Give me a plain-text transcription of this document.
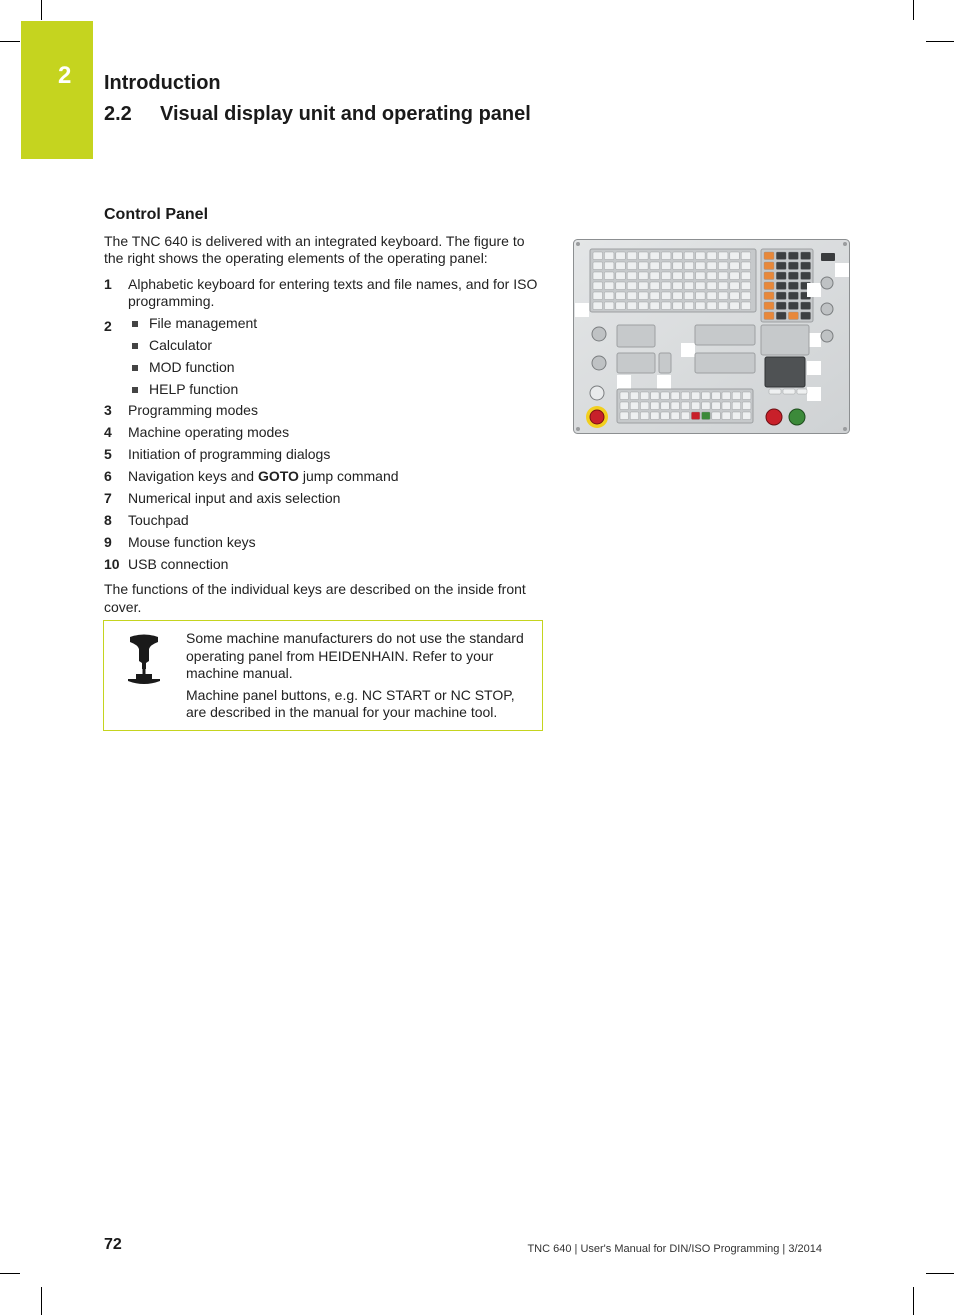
2 Introduction
2.2 Visual display unit and operating panel
Control Panel

The TNC 640 is delivered with an integrated keyboard. The figure to the right shows the operating elements of the operating panel:

1 Alphabetic keyboard for entering texts and file names, and for ISO programming.
2	File management
Calculator
MOD function
HELP function
3 Programming modes
4 Machine operating modes
5 Initiation of programming dialogs
6 Navigation keys and GOTO jump command
7 Numerical input and axis selection
8 Touchpad
9 Mouse function keys
10 USB connection

The functions of the individual keys are described on the inside front cover.

Some machine manufacturers do not use the standard operating panel from HEIDENHAIN. Refer to your machine manual.

Machine panel buttons, e.g. NC START or NC STOP, are described in the manual for your machine tool.

72	TNC 640 | User's Manual for DIN/ISO Programming | 3/2014
